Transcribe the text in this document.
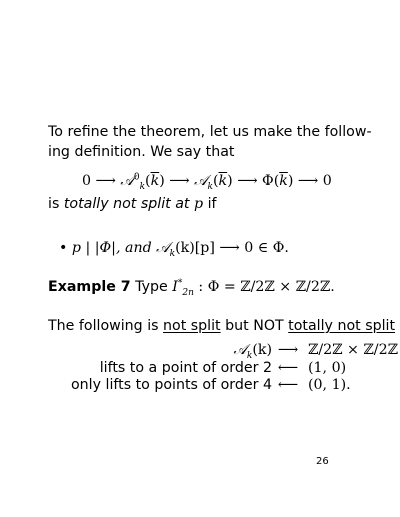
To refine the theorem, let us make the follow-
ing definition. We say that
0 ⟶ $𝒜^0_k(\overline{k})$ ⟶ $𝒜_k(\overline{k})$ ⟶ $\Phi(\overline{k})$ ⟶ 0
is totally not split at p if
• p | |Φ|, and 𝒜$_k$(k)[p] ⟶ 0 ∈ Φ.
Example 7 Type $I^*_{2n}$ : Φ = ℤ/2ℤ × ℤ/2ℤ.
The following is not split but NOT totally not split
𝒜$_k$(k) ⟶ ℤ/2ℤ × ℤ/2ℤ
lifts to a point of order 2 ⟵ (1, 0)
only lifts to points of order 4 ⟵ (0, 1).
26
